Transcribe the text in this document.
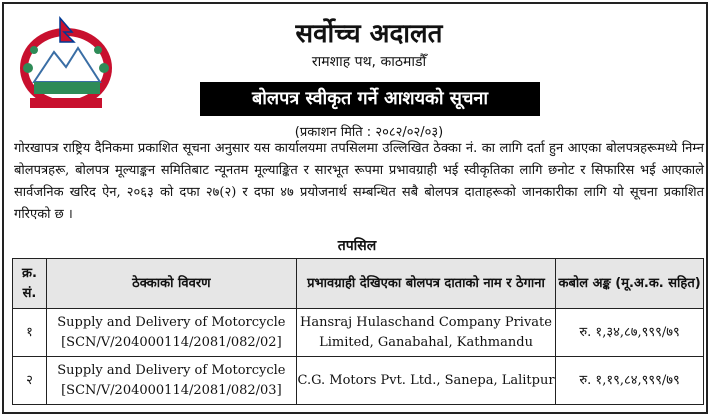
सर्वोच्च अदालत
रामशाह पथ, काठमाडौँ
बोलपत्र स्वीकृत गर्ने आशयको सूचना
(प्रकाशन मिति : २०८२/०२/०३)
गोरखापत्र राष्ट्रिय दैनिकमा प्रकाशित सूचना अनुसार यस कार्यालयमा तपसिलमा उल्लिखित ठेक्का नं. का लागि दर्ता हुन आएका बोलपत्रहरूमध्ये निम्न बोलपत्रहरू, बोलपत्र मूल्याङ्कन समितिबाट न्यूनतम मूल्याङ्कित र सारभूत रूपमा प्रभावग्राही भई स्वीकृतिका लागि छनोट र सिफारिस भई आएकाले सार्वजनिक खरिद ऐन, २०६३ को दफा २७(२) र दफा ४७ प्रयोजनार्थ सम्बन्धित सबै बोलपत्र दाताहरूको जानकारीका लागि यो सूचना प्रकाशित गरिएको छ ।
तपसिल
क्र. सं.	ठेक्काको विवरण	प्रभावग्राही देखिएका बोलपत्र दाताको नाम र ठेगाना	कबोल अङ्क (मू.अ.क. सहित)
१	Supply and Delivery of Motorcycle [SCN/V/204000114/2081/082/02]	Hansraj Hulaschand Company Private Limited, Ganabahal, Kathmandu	रु. १,३४,८७,९९९/७९
२	Supply and Delivery of Motorcycle [SCN/V/204000114/2081/082/03]	C.G. Motors Pvt. Ltd., Sanepa, Lalitpur	रु. १,१९,८४,९९९/७९
